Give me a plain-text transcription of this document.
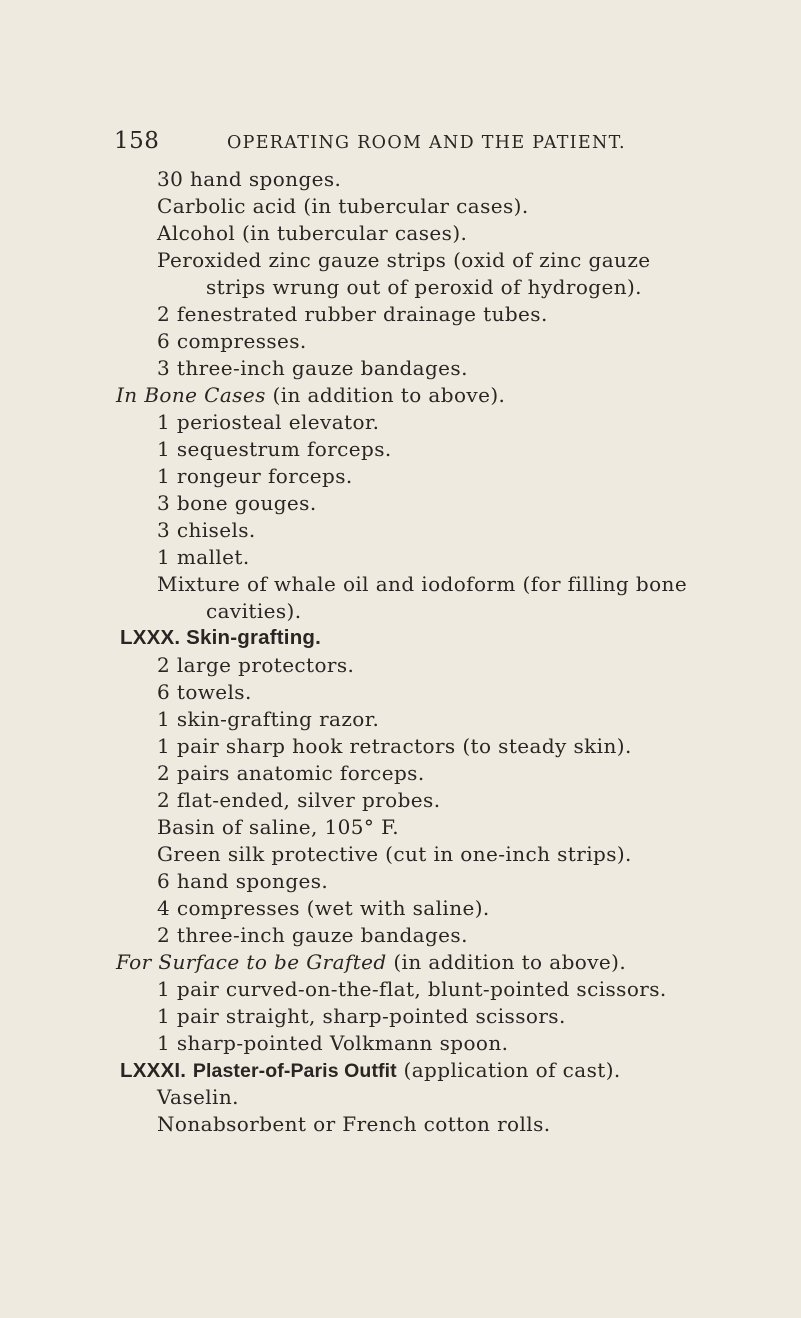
158	OPERATING ROOM AND THE PATIENT.
30 hand sponges.
Carbolic acid (in tubercular cases).
Alcohol (in tubercular cases).
Peroxided zinc gauze strips (oxid of zinc gauze
strips wrung out of peroxid of hydrogen).
2 fenestrated rubber drainage tubes.
6 compresses.
3 three-inch gauze bandages.
In Bone Cases (in addition to above).
1 periosteal elevator.
1 sequestrum forceps.
1 rongeur forceps.
3 bone gouges.
3 chisels.
1 mallet.
Mixture of whale oil and iodoform (for filling bone
cavities).
LXXX. Skin-grafting.
2 large protectors.
6 towels.
1 skin-grafting razor.
1 pair sharp hook retractors (to steady skin).
2 pairs anatomic forceps.
2 flat-ended, silver probes.
Basin of saline, 105° F.
Green silk protective (cut in one-inch strips).
6 hand sponges.
4 compresses (wet with saline).
2 three-inch gauze bandages.
For Surface to be Grafted (in addition to above).
1 pair curved-on-the-flat, blunt-pointed scissors.
1 pair straight, sharp-pointed scissors.
1 sharp-pointed Volkmann spoon.
LXXXI. Plaster-of-Paris Outfit (application of cast).
Vaselin.
Nonabsorbent or French cotton rolls.
